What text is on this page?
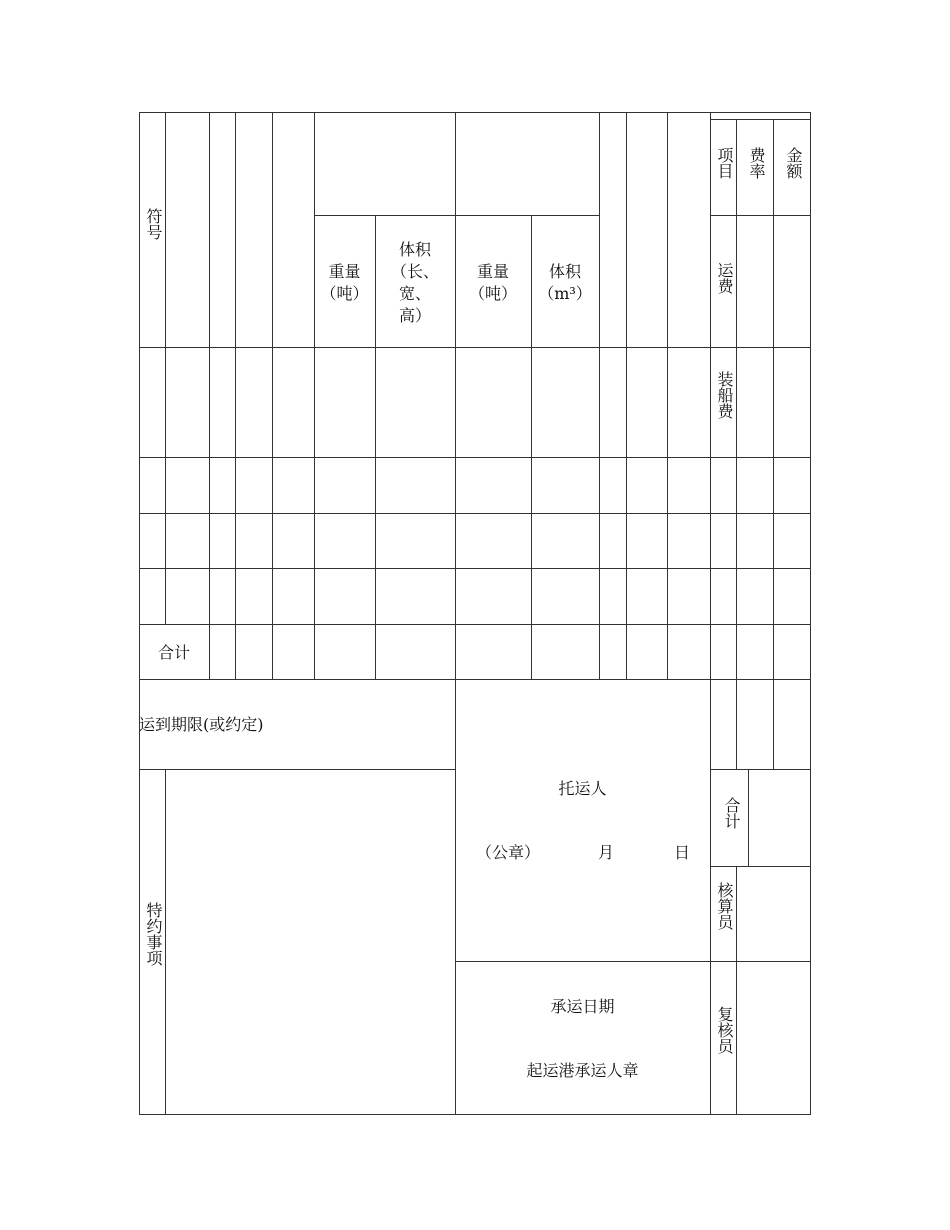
符号
重量
（吨）
体积
（长、
宽、
高）
重量
（吨）
体积
（m³）
项目 费率 金额
运费
装船费
合计
运到期限(或约定)
特约事项
托运人
（公章）	月	日
承运日期
起运港承运人章
合计
核算员
复核员
